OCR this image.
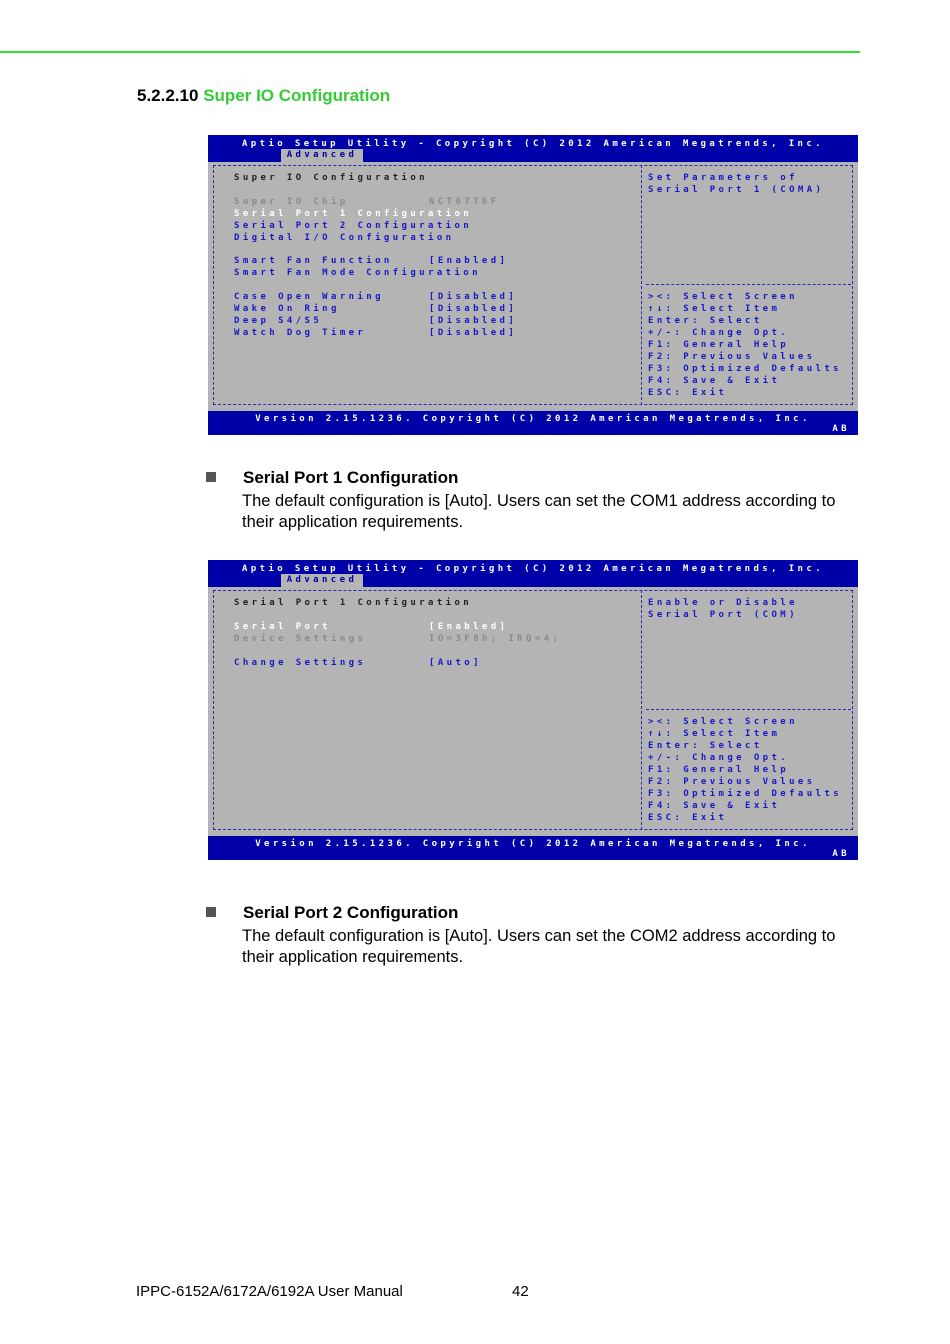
5.2.2.10 Super IO Configuration
Aptio Setup Utility - Copyright (C) 2012 American Megatrends, Inc.
Advanced
Super IO Configuration
Super IO Chip	NCT6776F
Serial Port 1 Configuration
Serial Port 2 Configuration
Digital I/O Configuration
Smart Fan Function	[Enabled]
Smart Fan Mode Configuration
Case Open Warning	[Disabled]
Wake On Ring	[Disabled]
Deep S4/S5	[Disabled]
Watch Dog Timer	[Disabled]
Set Parameters of
Serial Port 1 (COMA)
><: Select Screen
↑↓: Select Item
Enter: Select
+/-: Change Opt.
F1: General Help
F2: Previous Values
F3: Optimized Defaults
F4: Save & Exit
ESC: Exit
Version 2.15.1236. Copyright (C) 2012 American Megatrends, Inc.
AB
Serial Port 1 Configuration
The default configuration is [Auto]. Users can set the COM1 address according to their application requirements.
Aptio Setup Utility - Copyright (C) 2012 American Megatrends, Inc.
Advanced
Serial Port 1 Configuration
Serial Port	[Enabled]
Device Settings	IO=3F8h; IRQ=4;
Change Settings	[Auto]
Enable or Disable
Serial Port (COM)
><: Select Screen
↑↓: Select Item
Enter: Select
+/-: Change Opt.
F1: General Help
F2: Previous Values
F3: Optimized Defaults
F4: Save & Exit
ESC: Exit
Version 2.15.1236. Copyright (C) 2012 American Megatrends, Inc.
AB
Serial Port 2 Configuration
The default configuration is [Auto]. Users can set the COM2 address according to their application requirements.
IPPC-6152A/6172A/6192A User Manual	42
